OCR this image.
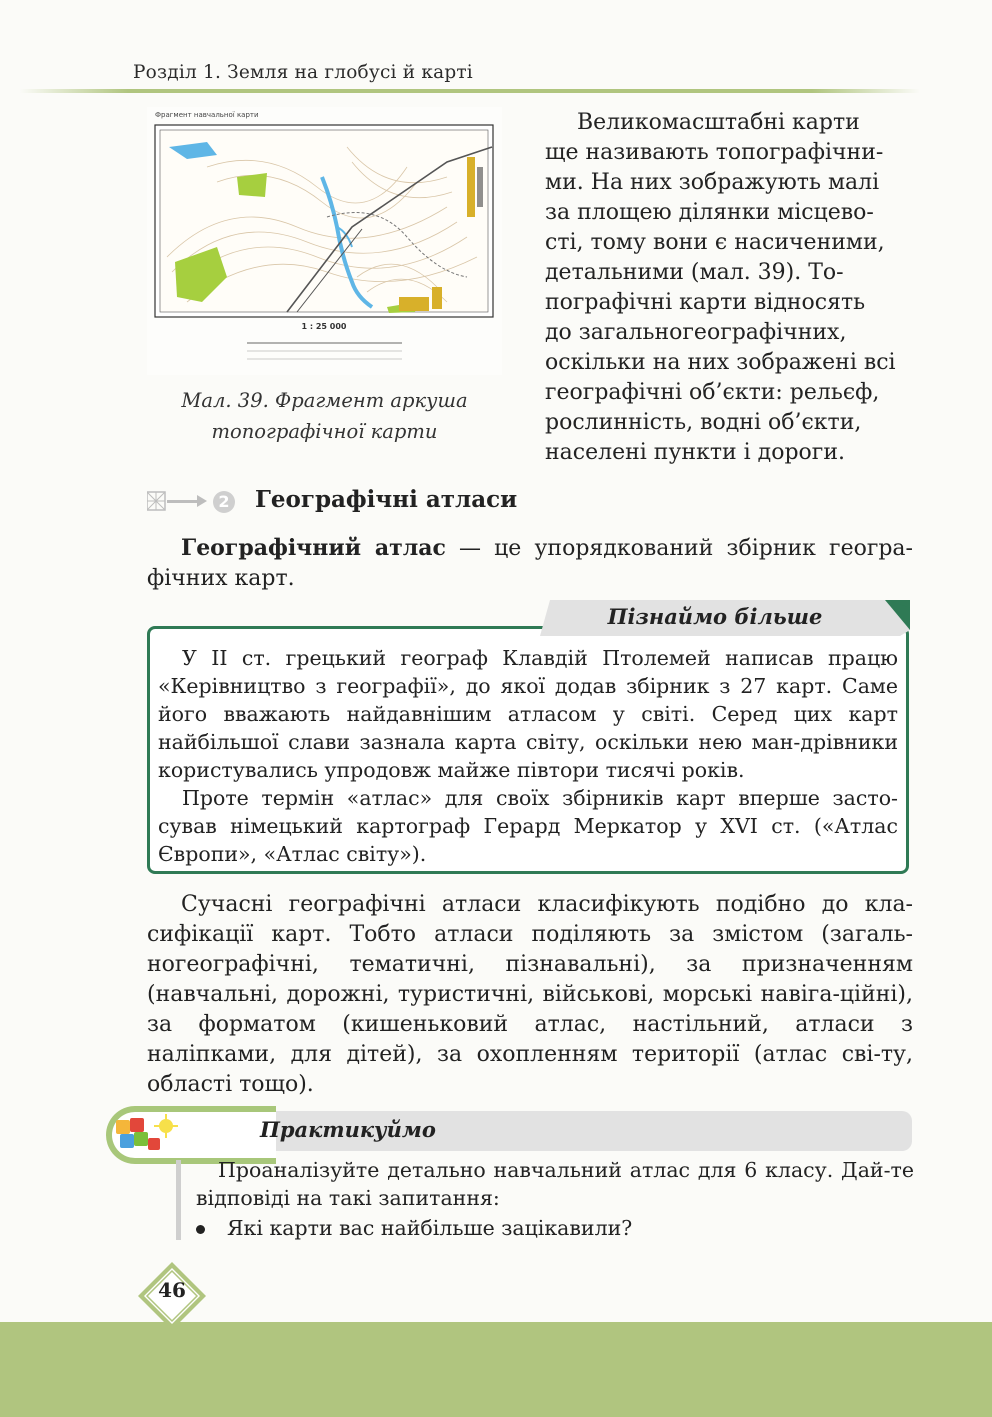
Розділ 1. Земля на глобусі й карті
Фрагмент навчальної карти
1 : 25 000
Мал. 39. Фрагмент аркуша
топографічної карти
Великомасштабні карти
ще називають топографічни-
ми. На них зображують малі
за площею ділянки місцево-
сті, тому вони є насиченими,
детальними (мал. 39). То-
пографічні карти відносять
до загальногеографічних,
оскільки на них зображені всі
географічні об’єкти: рельєф,
рослинність, водні об’єкти,
населені пункти і дороги.
2 Географічні атласи
Географічний атлас — це упорядкований збірник геогра-фічних карт.
Пізнаймо більше

У ІІ ст. грецький географ Клавдій Птолемей написав працю «Керівництво з географії», до якої додав збірник з 27 карт. Саме його вважають найдавнішим атласом у світі. Серед цих карт найбільшої слави зазнала карта світу, оскільки нею ман-дрівники користувались упродовж майже півтори тисячі років.

Проте термін «атлас» для своїх збірників карт вперше засто-сував німецький картограф Герард Меркатор у XVI ст. («Атлас Європи», «Атлас світу»).

Сучасні географічні атласи класифікують подібно до кла-сифікації карт. Тобто атласи поділяють за змістом (загаль-ногеографічні, тематичні, пізнавальні), за призначенням (навчальні, дорожні, туристичні, військові, морські навіга-ційні), за форматом (кишеньковий атлас, настільний, атласи з наліпками, для дітей), за охопленням території (атлас сві-ту, області тощо).
Практикуймо

Проаналізуйте детально навчальний атлас для 6 класу. Дай-те відповіді на такі запитання:

Які карти вас найбільше зацікавили?
46
